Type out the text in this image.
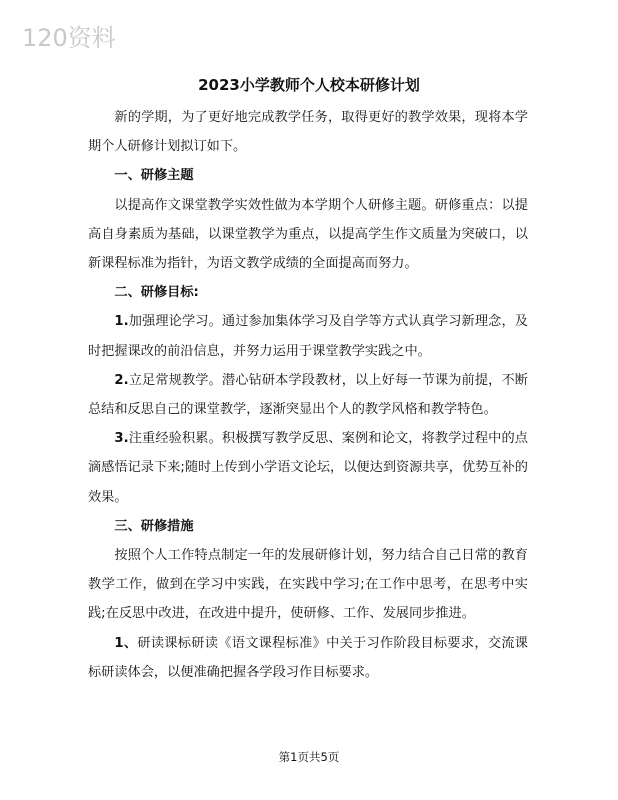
120资料
2023小学教师个人校本研修计划

新的学期，为了更好地完成教学任务，取得更好的教学效果，现将本学期个人研修计划拟订如下。

一、研修主题

以提高作文课堂教学实效性做为本学期个人研修主题。研修重点：以提高自身素质为基础，以课堂教学为重点，以提高学生作文质量为突破口，以新课程标准为指针，为语文教学成绩的全面提高而努力。

二、研修目标:

1.加强理论学习。通过参加集体学习及自学等方式认真学习新理念，及时把握课改的前沿信息，并努力运用于课堂教学实践之中。

2.立足常规教学。潜心钻研本学段教材，以上好每一节课为前提，不断总结和反思自己的课堂教学，逐渐突显出个人的教学风格和教学特色。

3.注重经验积累。积极撰写教学反思、案例和论文，将教学过程中的点滴感悟记录下来;随时上传到小学语文论坛，以便达到资源共享，优势互补的效果。

三、研修措施

按照个人工作特点制定一年的发展研修计划，努力结合自己日常的教育教学工作，做到在学习中实践，在实践中学习;在工作中思考，在思考中实践;在反思中改进，在改进中提升，使研修、工作、发展同步推进。

1、研读课标研读《语文课程标准》中关于习作阶段目标要求，交流课标研读体会，以便准确把握各学段习作目标要求。

第1页共5页
